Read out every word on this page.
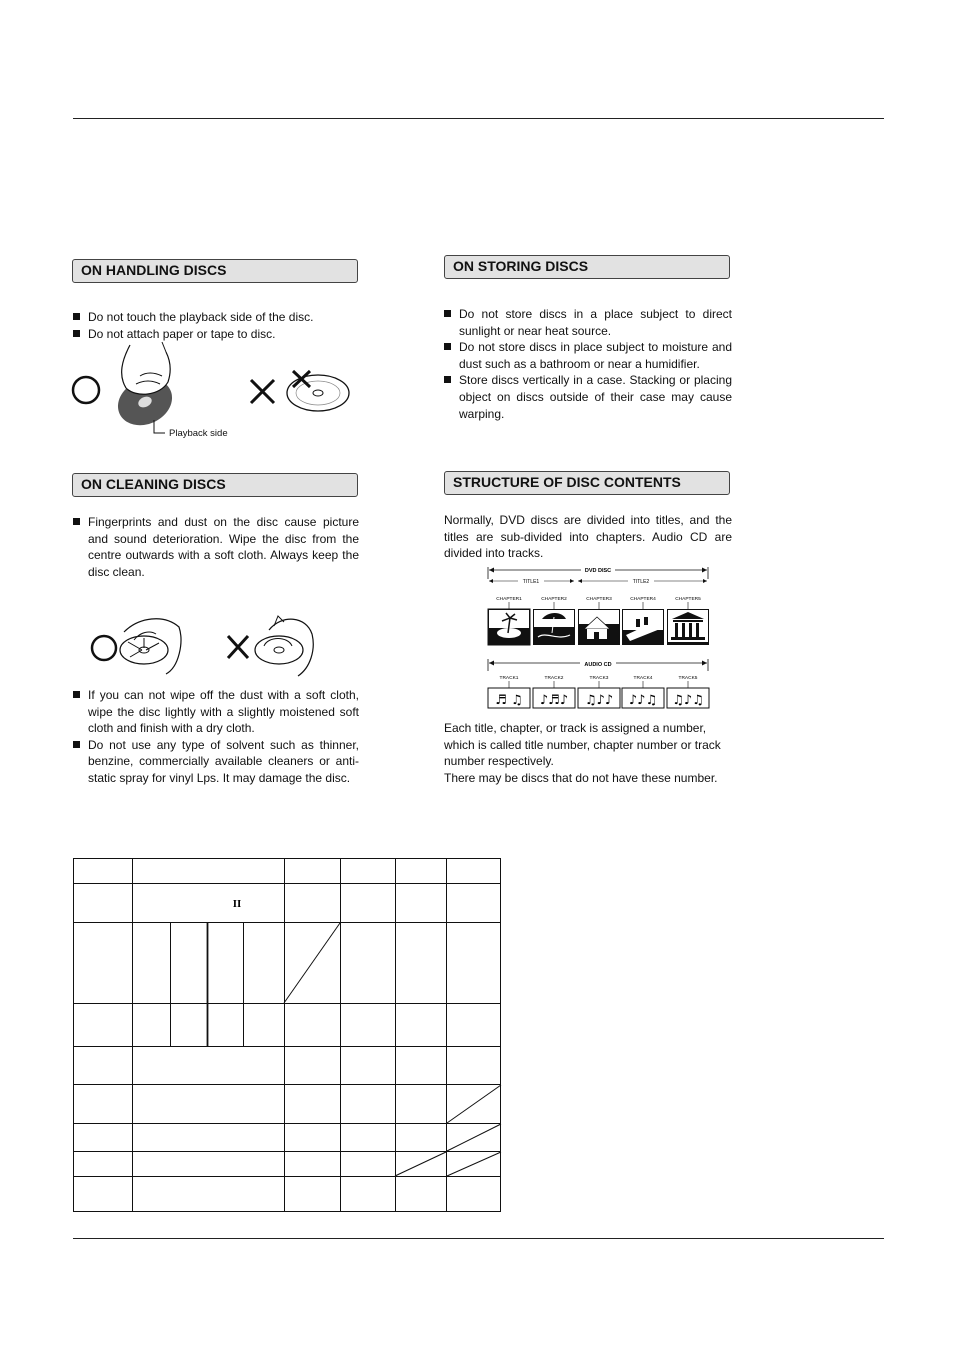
ON HANDLING DISCS
Do not touch the playback side of the disc.
Do not attach paper or tape to disc.
Playback side
ON CLEANING DISCS
Fingerprints and dust on the disc cause picture and sound deterioration. Wipe the disc from the centre outwards with a soft cloth. Always keep the disc clean.
If you can not wipe off the dust with a soft cloth, wipe the disc lightly with a slightly moistened soft cloth and finish with a dry cloth.
Do not use any type of solvent such as thinner, benzine, commercially available cleaners or anti-static spray for vinyl Lps. It may damage the disc.
ON STORING DISCS
Do not store discs in a place subject to direct sunlight or near heat source.
Do not store discs in place subject to moisture and dust such as a bathroom or near a humidifier.
Store discs vertically in a case. Stacking or placing object on discs outside of their case may cause warping.
STRUCTURE OF DISC CONTENTS
Normally, DVD discs are divided into titles, and the titles are sub-divided into chapters. Audio CD are divided into tracks.
DVD DISC
TITLE1	TITLE2
CHAPTER1	CHAPTER2	CHAPTER3	CHAPTER4	CHAPTER5
AUDIO CD
TRACK1	TRACK2	TRACK3	TRACK4	TRACK5
♬ ♫ ♪♬♪ ♫♪♪ ♪♪♫ ♫♪♫

Each title, chapter, or track is assigned a number, which is called title number, chapter number or track number respectively.

There may be discs that do not have these number.

II
